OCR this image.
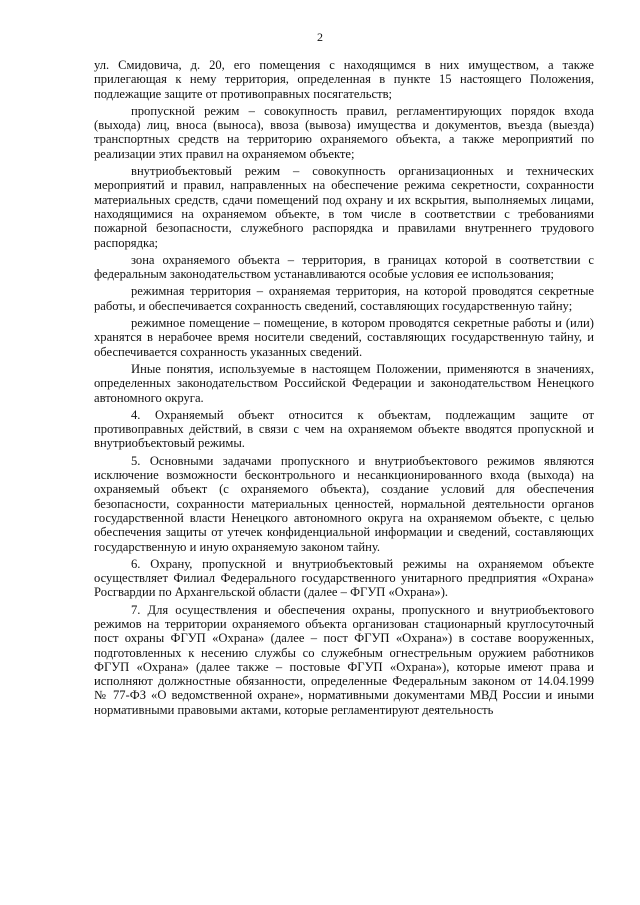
2

ул. Смидовича, д. 20, его помещения с находящимся в них имуществом, а также прилегающая к нему территория, определенная в пункте 15 настоящего Положения, подлежащие защите от противоправных посягательств;

пропускной режим – совокупность правил, регламентирующих порядок входа (выхода) лиц, вноса (выноса), ввоза (вывоза) имущества и документов, въезда (выезда) транспортных средств на территорию охраняемого объекта, а также мероприятий по реализации этих правил на охраняемом объекте;

внутриобъектовый режим – совокупность организационных и технических мероприятий и правил, направленных на обеспечение режима секретности, сохранности материальных средств, сдачи помещений под охрану и их вскрытия, выполняемых лицами, находящимися на охраняемом объекте, в том числе в соответствии с требованиями пожарной безопасности, служебного распорядка и правилами внутреннего трудового распорядка;

зона охраняемого объекта – территория, в границах которой в соответствии с федеральным законодательством устанавливаются особые условия ее использования;

режимная территория – охраняемая территория, на которой проводятся секретные работы, и обеспечивается сохранность сведений, составляющих государственную тайну;

режимное помещение – помещение, в котором проводятся секретные работы и (или) хранятся в нерабочее время носители сведений, составляющих государственную тайну, и обеспечивается сохранность указанных сведений.

Иные понятия, используемые в настоящем Положении, применяются в значениях, определенных законодательством Российской Федерации и законодательством Ненецкого автономного округа.

4. Охраняемый объект относится к объектам, подлежащим защите от противоправных действий, в связи с чем на охраняемом объекте вводятся пропускной и внутриобъектовый режимы.

5. Основными задачами пропускного и внутриобъектового режимов являются исключение возможности бесконтрольного и несанкционированного входа (выхода) на охраняемый объект (с охраняемого объекта), создание условий для обеспечения безопасности, сохранности материальных ценностей, нормальной деятельности органов государственной власти Ненецкого автономного округа на охраняемом объекте, с целью обеспечения защиты от утечек конфиденциальной информации и сведений, составляющих государственную и иную охраняемую законом тайну.

6. Охрану, пропускной и внутриобъектовый режимы на охраняемом объекте осуществляет Филиал Федерального государственного унитарного предприятия «Охрана» Росгвардии по Архангельской области (далее – ФГУП «Охрана»).

7. Для осуществления и обеспечения охраны, пропускного и внутриобъектового режимов на территории охраняемого объекта организован стационарный круглосуточный пост охраны ФГУП «Охрана» (далее – пост ФГУП «Охрана») в составе вооруженных, подготовленных к несению службы со служебным огнестрельным оружием работников ФГУП «Охрана» (далее также – постовые ФГУП «Охрана»), которые имеют права и исполняют должностные обязанности, определенные Федеральным законом от 14.04.1999 № 77-ФЗ «О ведомственной охране», нормативными документами МВД России и иными нормативными правовыми актами, которые регламентируют деятельность
